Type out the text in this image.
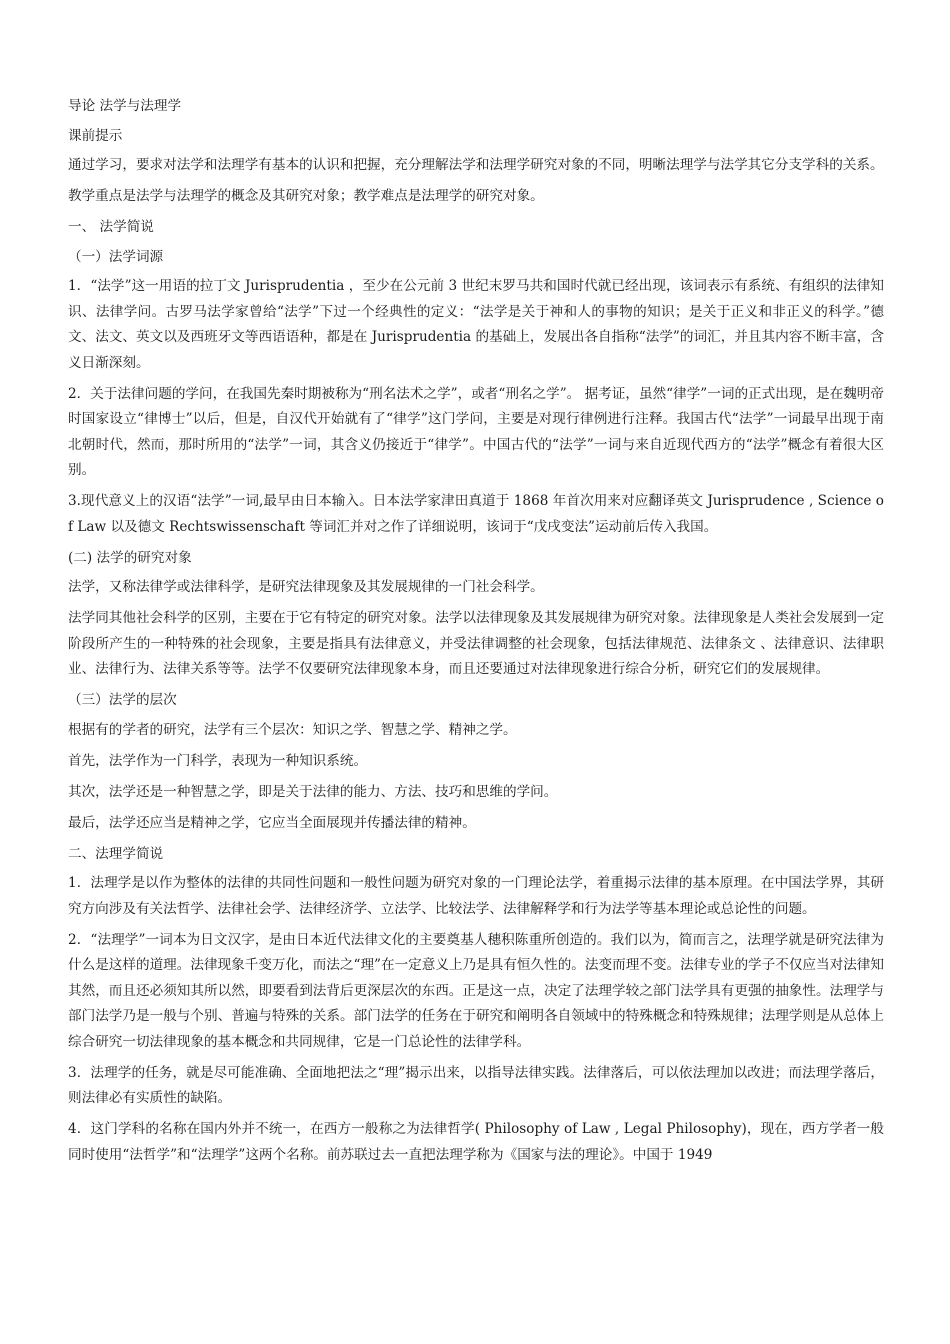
导论 法学与法理学

课前提示

通过学习，要求对法学和法理学有基本的认识和把握，充分理解法学和法理学研究对象的不同，明晰法理学与法学其它分支学科的关系。

教学重点是法学与法理学的概念及其研究对象；教学难点是法理学的研究对象。

一、 法学简说

（一）法学词源

1．“法学”这一用语的拉丁文 Jurisprudentia ，至少在公元前 3 世纪末罗马共和国时代就已经出现，该词表示有系统、有组织的法律知识、法律学问。古罗马法学家曾给“法学”下过一个经典性的定义：“法学是关于神和人的事物的知识；是关于正义和非正义的科学。”德文、法文、英文以及西班牙文等西语语种，都是在 Jurisprudentia 的基础上，发展出各自指称“法学”的词汇，并且其内容不断丰富，含义日渐深刻。

2．关于法律问题的学问，在我国先秦时期被称为“刑名法术之学”，或者“刑名之学”。 据考证，虽然“律学”一词的正式出现，是在魏明帝时国家设立“律博士”以后，但是，自汉代开始就有了“律学”这门学问，主要是对现行律例进行注释。我国古代“法学”一词最早出现于南北朝时代，然而，那时所用的“法学”一词，其含义仍接近于“律学”。中国古代的“法学”一词与来自近现代西方的“法学”概念有着很大区别。

3.现代意义上的汉语“法学”一词,最早由日本输入。日本法学家津田真道于 1868 年首次用来对应翻译英文 Jurisprudence , Science of Law 以及德文 Rechtswissenschaft 等词汇并对之作了详细说明，该词于“戊戌变法”运动前后传入我国。

(二) 法学的研究对象

法学，又称法律学或法律科学，是研究法律现象及其发展规律的一门社会科学。

法学同其他社会科学的区别，主要在于它有特定的研究对象。法学以法律现象及其发展规律为研究对象。法律现象是人类社会发展到一定阶段所产生的一种特殊的社会现象，主要是指具有法律意义，并受法律调整的社会现象，包括法律规范、法律条文 、法律意识、法律职业、法律行为、法律关系等等。法学不仅要研究法律现象本身，而且还要通过对法律现象进行综合分析，研究它们的发展规律。

（三）法学的层次

根据有的学者的研究，法学有三个层次：知识之学、智慧之学、精神之学。

首先，法学作为一门科学，表现为一种知识系统。

其次，法学还是一种智慧之学，即是关于法律的能力、方法、技巧和思维的学问。

最后，法学还应当是精神之学，它应当全面展现并传播法律的精神。

二、法理学简说

1．法理学是以作为整体的法律的共同性问题和一般性问题为研究对象的一门理论法学，着重揭示法律的基本原理。在中国法学界，其研究方向涉及有关法哲学、法律社会学、法律经济学、立法学、比较法学、法律解释学和行为法学等基本理论或总论性的问题。

2．“法理学”一词本为日文汉字，是由日本近代法律文化的主要奠基人穗积陈重所创造的。我们以为，简而言之，法理学就是研究法律为什么是这样的道理。法律现象千变万化，而法之“理”在一定意义上乃是具有恒久性的。法变而理不变。法律专业的学子不仅应当对法律知其然，而且还必须知其所以然，即要看到法背后更深层次的东西。正是这一点，决定了法理学较之部门法学具有更强的抽象性。法理学与部门法学乃是一般与个别、普遍与特殊的关系。部门法学的任务在于研究和阐明各自领域中的特殊概念和特殊规律；法理学则是从总体上综合研究一切法律现象的基本概念和共同规律，它是一门总论性的法律学科。

3．法理学的任务，就是尽可能准确、全面地把法之“理”揭示出来，以指导法律实践。法律落后，可以依法理加以改进；而法理学落后，则法律必有实质性的缺陷。

4．这门学科的名称在国内外并不统一，在西方一般称之为法律哲学( Philosophy of Law , Legal Philosophy)，现在，西方学者一般同时使用“法哲学”和“法理学”这两个名称。前苏联过去一直把法理学称为《国家与法的理论》。中国于 1949
